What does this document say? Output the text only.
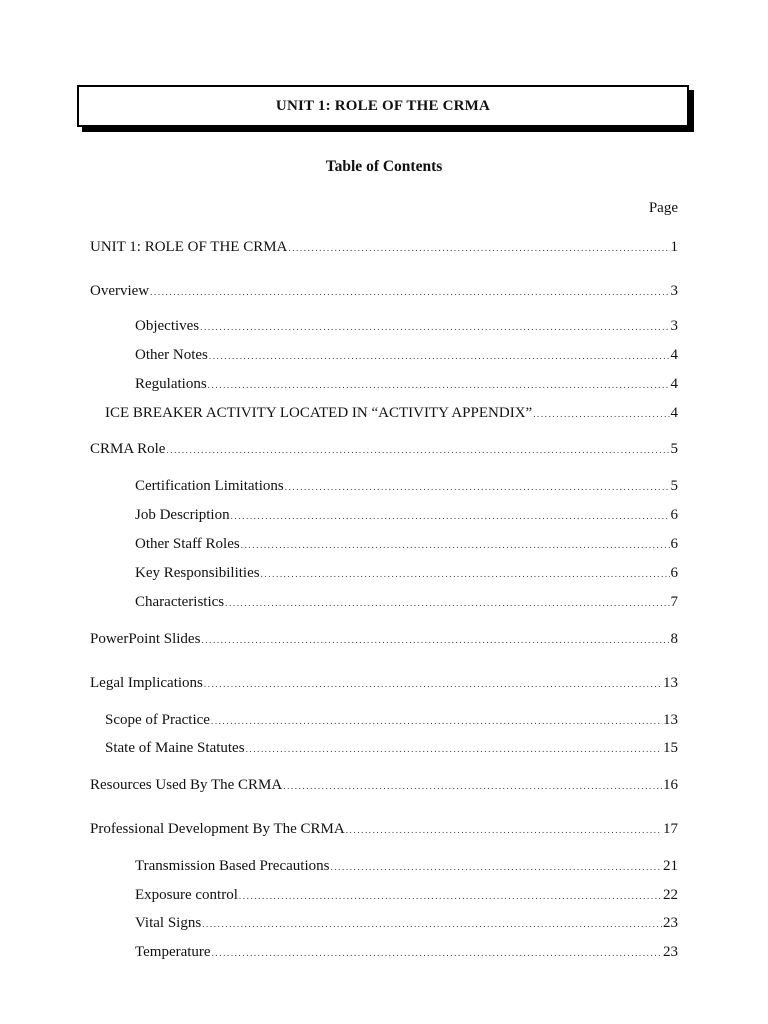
UNIT 1: ROLE OF THE CRMA
Table of Contents
Page
UNIT 1: ROLE OF THE CRMA .....	1
Overview .....	3
Objectives .....	3
Other Notes .....	4
Regulations .....	4
ICE BREAKER ACTIVITY LOCATED IN “ACTIVITY APPENDIX” .....	4
CRMA Role .....	5
Certification Limitations .....	5
Job Description .....	6
Other Staff Roles .....	6
Key Responsibilities .....	6
Characteristics .....	7
PowerPoint Slides .....	8
Legal Implications .....	13
Scope of Practice .....	13
State of Maine Statutes .....	15
Resources Used By The CRMA .....	16
Professional Development By The CRMA .....	17
Transmission Based Precautions .....	21
Exposure control .....	22
Vital Signs .....	23
Temperature .....	23
